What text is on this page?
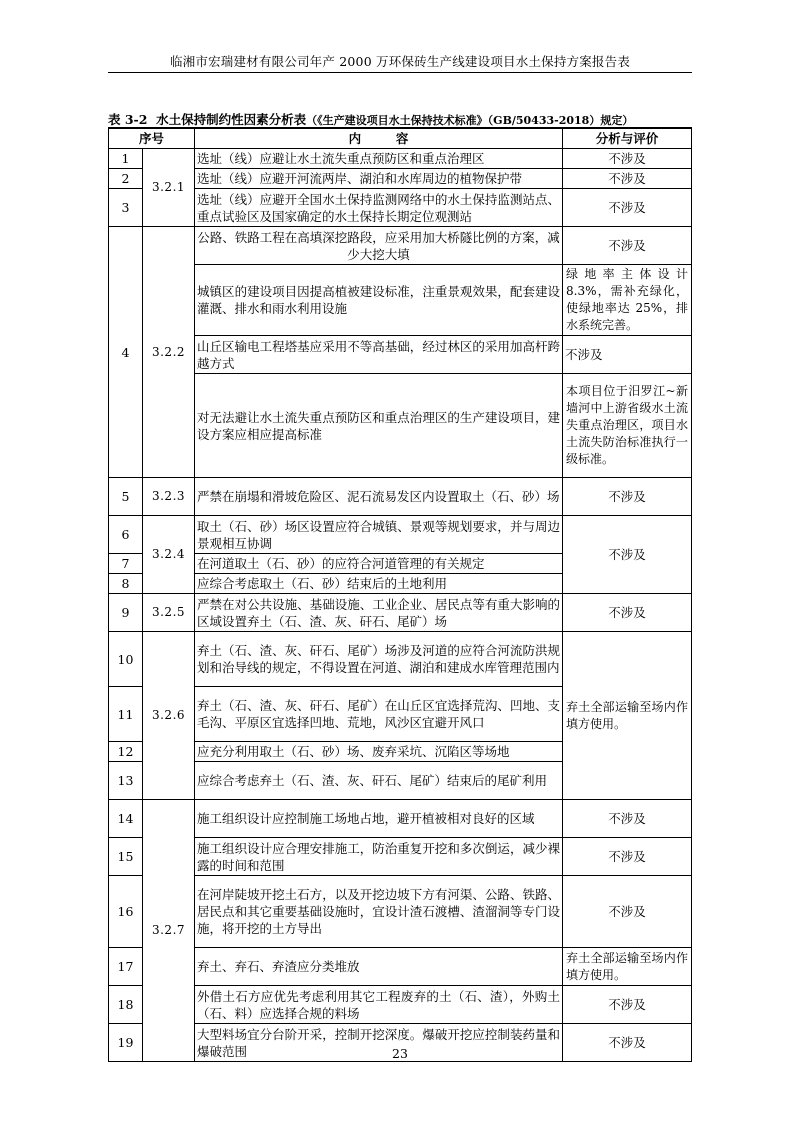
临湘市宏瑞建材有限公司年产 2000 万环保砖生产线建设项目水土保持方案报告表
表 3-2 水土保持制约性因素分析表（《生产建设项目水土保持技术标准》（GB/50433-2018）规定）
序号		内        容	分析与评价
1	3.2.1	选址（线）应避让水土流失重点预防区和重点治理区	不涉及
2		选址（线）应避开河流两岸、湖泊和水库周边的植物保护带	不涉及
3		选址（线）应避开全国水土保持监测网络中的水土保持监测站点、重点试验区及国家确定的水土保持长期定位观测站	不涉及
4	3.2.2	公路、铁路工程在高填深挖路段，应采用加大桥隧比例的方案，减少大挖大填	不涉及
		城镇区的建设项目因提高植被建设标准，注重景观效果，配套建设灌溉、排水和雨水利用设施	绿地率主体设计 8.3%，需补充绿化，使绿地率达 25%，排水系统完善。
		山丘区输电工程塔基应采用不等高基础，经过林区的采用加高杆跨越方式	不涉及
		对无法避让水土流失重点预防区和重点治理区的生产建设项目，建设方案应相应提高标准	本项目位于汨罗江~新墙河中上游省级水土流失重点治理区，项目水土流失防治标准执行一级标准。
5	3.2.3	严禁在崩塌和滑坡危险区、泥石流易发区内设置取土（石、砂）场	不涉及
6	3.2.4	取土（石、砂）场区设置应符合城镇、景观等规划要求，并与周边景观相互协调	不涉及
7		在河道取土（石、砂）的应符合河道管理的有关规定	
8		应综合考虑取土（石、砂）结束后的土地利用	
9	3.2.5	严禁在对公共设施、基础设施、工业企业、居民点等有重大影响的区域设置弃土（石、渣、灰、矸石、尾矿）场	不涉及
10	3.2.6	弃土（石、渣、灰、矸石、尾矿）场涉及河道的应符合河流防洪规划和治导线的规定，不得设置在河道、湖泊和建成水库管理范围内	弃土全部运输至场内作填方使用。
11		弃土（石、渣、灰、矸石、尾矿）在山丘区宜选择荒沟、凹地、支毛沟、平原区宜选择凹地、荒地，风沙区宜避开风口	
12		应充分利用取土（石、砂）场、废弃采坑、沉陷区等场地	
13		应综合考虑弃土（石、渣、灰、矸石、尾矿）结束后的尾矿利用	
14	3.2.7	施工组织设计应控制施工场地占地，避开植被相对良好的区域	不涉及
15		施工组织设计应合理安排施工，防治重复开挖和多次倒运，减少裸露的时间和范围	不涉及
16		在河岸陡坡开挖土石方，以及开挖边坡下方有河渠、公路、铁路、居民点和其它重要基础设施时，宜设计渣石渡槽、渣溜洞等专门设施，将开挖的土方导出	不涉及
17		弃土、弃石、弃渣应分类堆放	弃土全部运输至场内作填方使用。
18		外借土石方应优先考虑利用其它工程废弃的土（石、渣），外购土（石、料）应选择合规的料场	不涉及
19		大型料场宜分台阶开采，控制开挖深度。爆破开挖应控制装药量和爆破范围	不涉及
23
